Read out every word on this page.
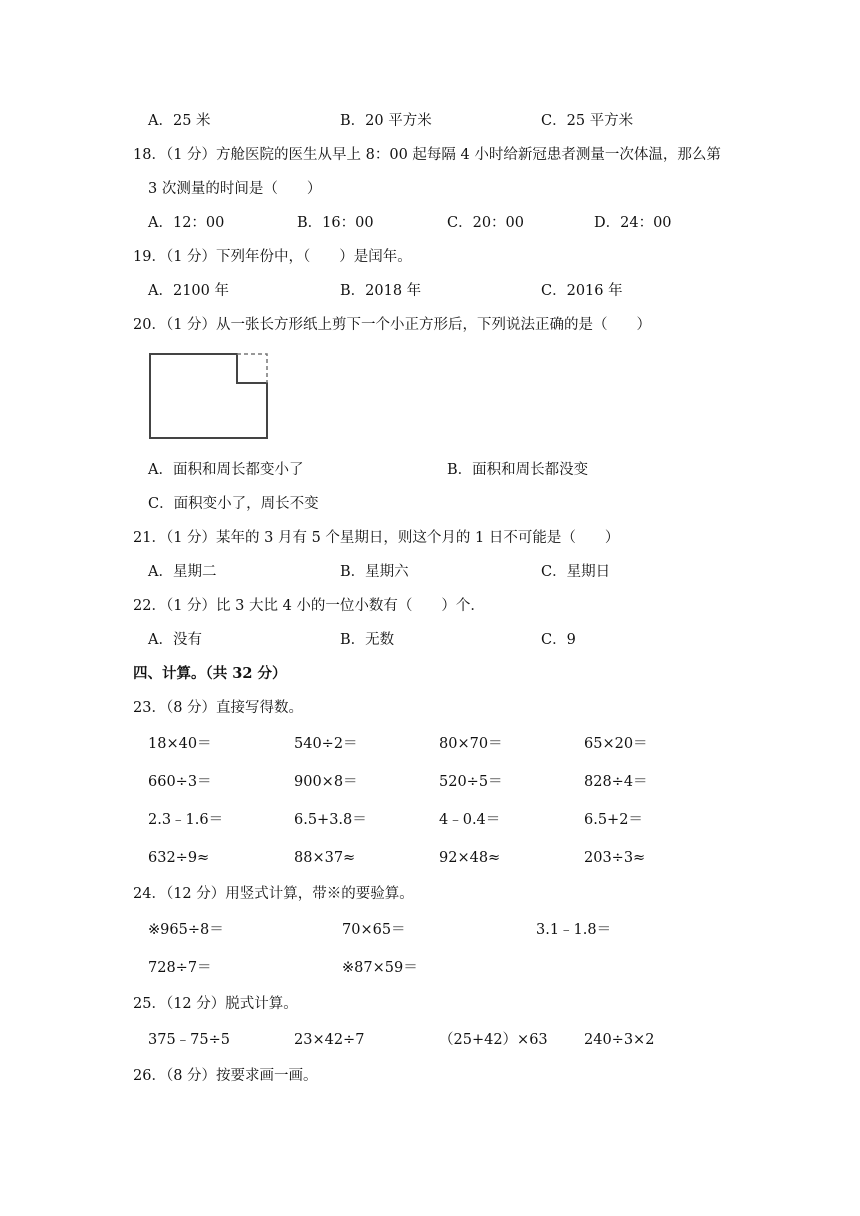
A．25 米	B．20 平方米	C．25 平方米
18．（1 分）方舱医院的医生从早上 8：00 起每隔 4 小时给新冠患者测量一次体温，那么第
3 次测量的时间是（　　）
A．12：00	B．16：00	C．20：00	D．24：00
19．（1 分）下列年份中，（　　）是闰年。
A．2100 年	B．2018 年	C．2016 年
20．（1 分）从一张长方形纸上剪下一个小正方形后，下列说法正确的是（　　）
A．面积和周长都变小了	B．面积和周长都没变
C．面积变小了，周长不变
21．（1 分）某年的 3 月有 5 个星期日，则这个月的 1 日不可能是（　　）
A．星期二	B．星期六	C．星期日
22．（1 分）比 3 大比 4 小的一位小数有（　　）个．
A．没有	B．无数	C．9
四、计算。（共 32 分）
23．（8 分）直接写得数。
18×40＝	540÷2＝	80×70＝	65×20＝
660÷3＝	900×8＝	520÷5＝	828÷4＝
2.3﹣1.6＝	6.5+3.8＝	4﹣0.4＝	6.5+2＝
632÷9≈	88×37≈	92×48≈	203÷3≈
24．（12 分）用竖式计算，带※的要验算。
※965÷8＝	70×65＝	3.1﹣1.8＝
728÷7＝	※87×59＝
25．（12 分）脱式计算。
375﹣75÷5	23×42÷7	（25+42）×63	240÷3×2
26．（8 分）按要求画一画。
